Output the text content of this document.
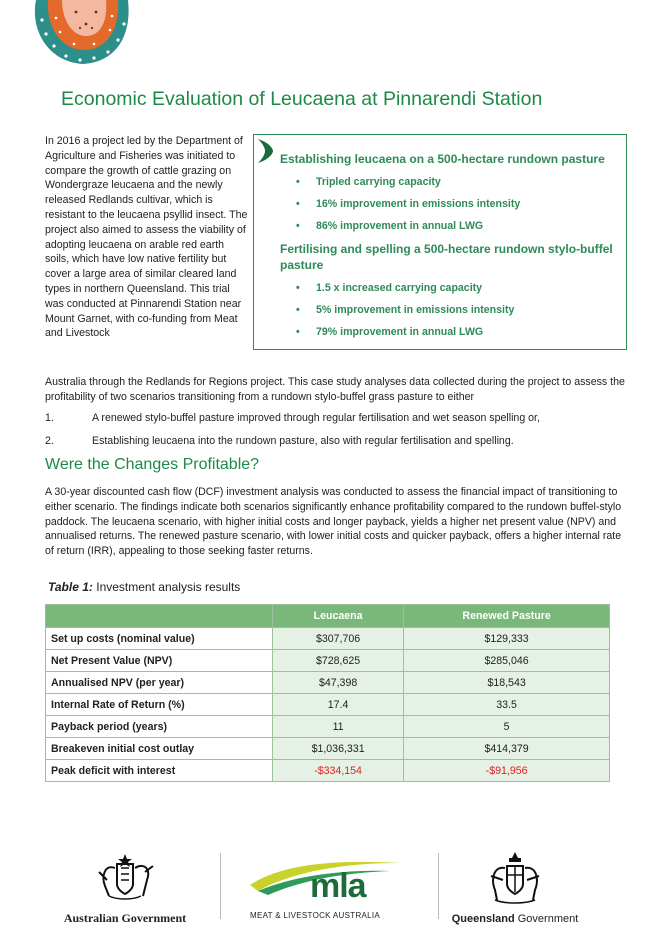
Economic Evaluation of Leucaena at Pinnarendi Station

In 2016 a project led by the Department of Agriculture and Fisheries was initiated to compare the growth of cattle grazing on Wondergraze leucaena and the newly released Redlands cultivar, which is resistant to the leucaena psyllid insect. The project also aimed to assess the viability of adopting leucaena on arable red earth soils, which have low native fertility but cover a large area of similar cleared land types in northern Queensland. This trial was conducted at Pinnarendi Station near Mount Garnet, with co-funding from Meat and Livestock

Establishing leucaena on a 500-hectare rundown pasture
• Tripled carrying capacity
• 16% improvement in emissions intensity
• 86% improvement in annual LWG
Fertilising and spelling a 500-hectare rundown stylo-buffel pasture
• 1.5 x increased carrying capacity
• 5% improvement in emissions intensity
• 79% improvement in annual LWG

Australia through the Redlands for Regions project. This case study analyses data collected during the project to assess the profitability of two scenarios transitioning from a rundown stylo-buffel grass pasture to either

1.	A renewed stylo-buffel pasture improved through regular fertilisation and wet season spelling or,
2.	Establishing leucaena into the rundown pasture, also with regular fertilisation and spelling.
Were the Changes Profitable?

A 30-year discounted cash flow (DCF) investment analysis was conducted to assess the financial impact of transitioning to either scenario. The findings indicate both scenarios significantly enhance profitability compared to the rundown buffel-stylo paddock. The leucaena scenario, with higher initial costs and longer payback, yields a higher net present value (NPV) and annualised returns. The renewed pasture scenario, with lower initial costs and quicker payback, offers a higher internal rate of return (IRR), appealing to those seeking faster returns.

Table 1: Investment analysis results
	Leucaena	Renewed Pasture
Set up costs (nominal value)	$307,706	$129,333
Net Present Value (NPV)	$728,625	$285,046
Annualised NPV (per year)	$47,398	$18,543
Internal Rate of Return (%)	17.4	33.5
Payback period (years)	11	5
Breakeven initial cost outlay	$1,036,331	$414,379
Peak deficit with interest	-$334,154	-$91,956
Australian Government
mla
MEAT & LIVESTOCK AUSTRALIA	Queensland Government
